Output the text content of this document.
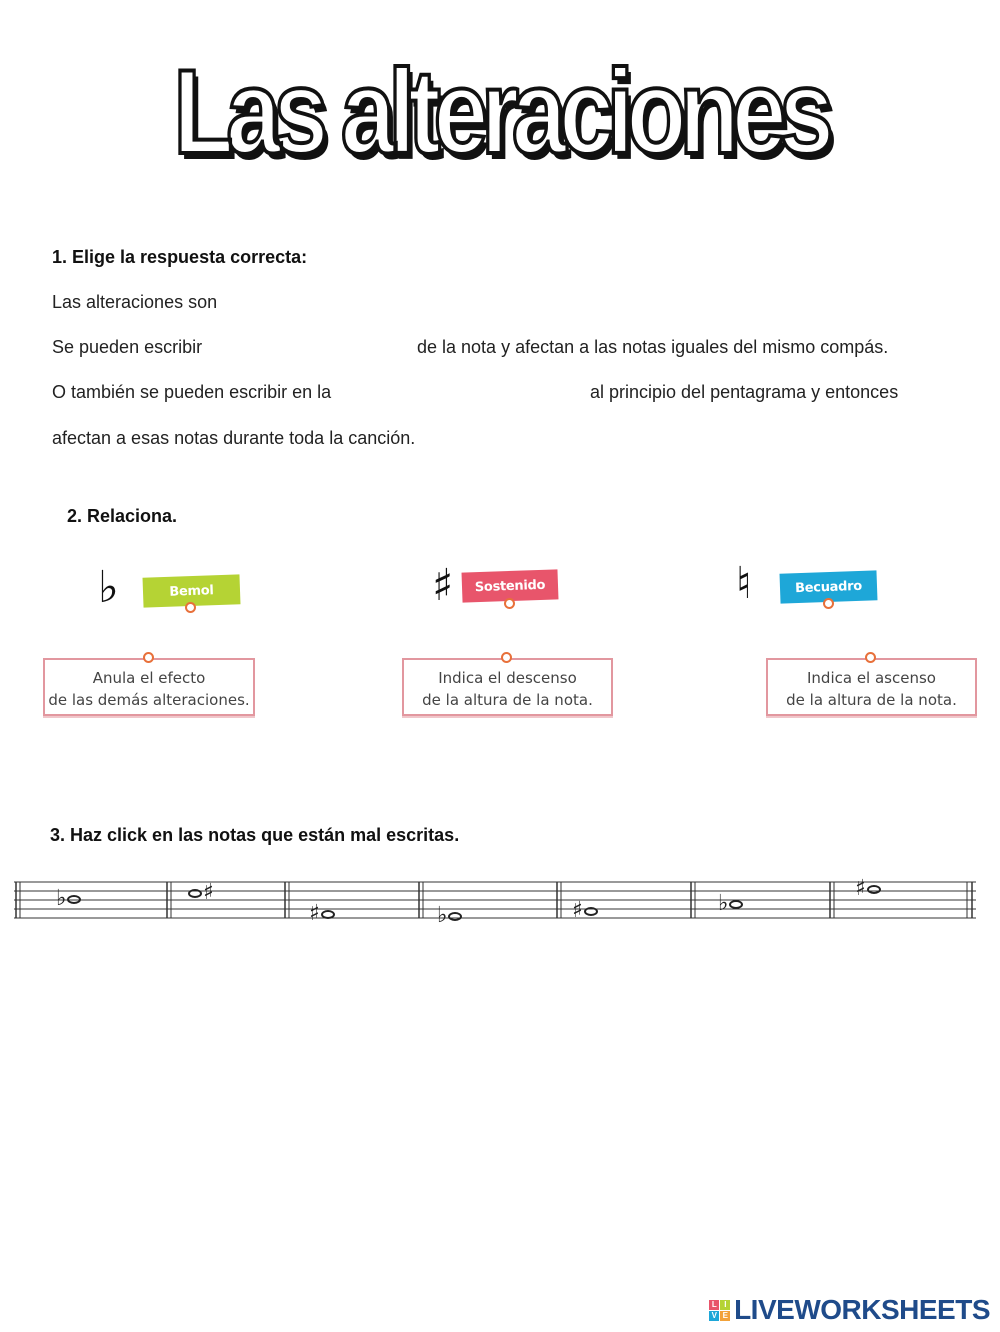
Las alteraciones
1. Elige la respuesta correcta:
Las alteraciones son
Se pueden escribir	de la nota y afectan a las notas iguales del mismo compás.
O también se pueden escribir en la	al principio del pentagrama y entonces
afectan a esas notas durante toda la canción.
2. Relaciona.
♭	Bemol	♯ Sostenido	♮	Becuadro
Anula el efecto
de las demás alteraciones.
Indica el descenso
de la altura de la nota.
Indica el ascenso
de la altura de la nota.
3. Haz click en las notas que están mal escritas.
♭	♯
♯	♭	♯	♭
♯
L I
V E LIVEWORKSHEETS
